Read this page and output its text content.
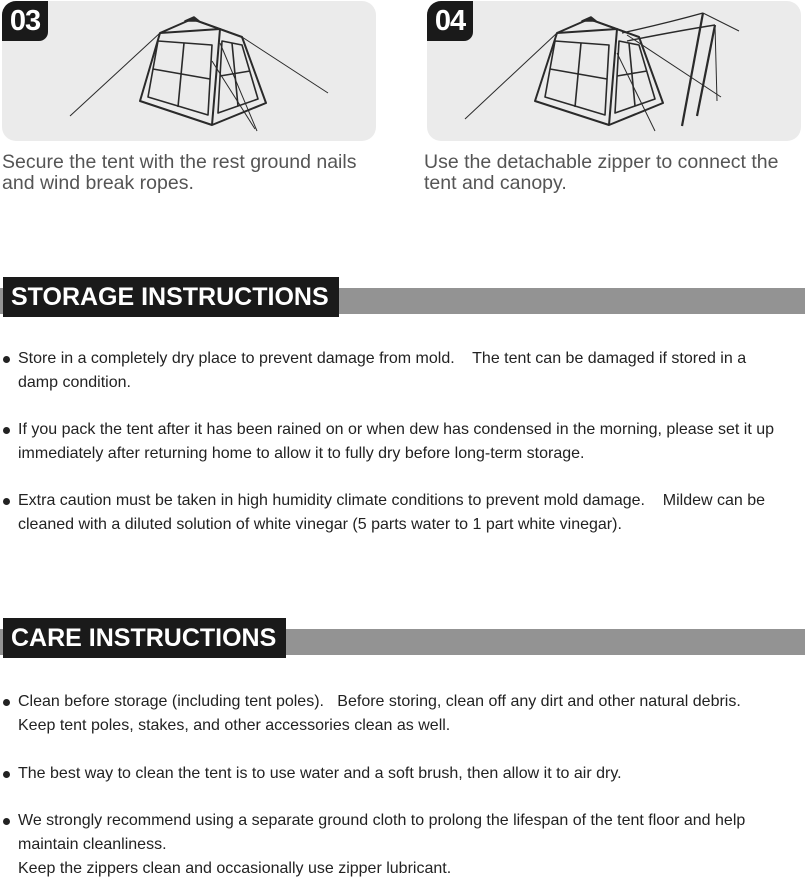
03	04
Secure the tent with the rest ground nails
and wind break ropes.
Use the detachable zipper to connect the
tent and canopy.
STORAGE INSTRUCTIONS
Store in a completely dry place to prevent damage from mold.    The tent can be damaged if stored in a
damp condition.
If you pack the tent after it has been rained on or when dew has condensed in the morning, please set it up
immediately after returning home to allow it to fully dry before long-term storage.
Extra caution must be taken in high humidity climate conditions to prevent mold damage.    Mildew can be
cleaned with a diluted solution of white vinegar (5 parts water to 1 part white vinegar).
CARE INSTRUCTIONS
Clean before storage (including tent poles).   Before storing, clean off any dirt and other natural debris.
Keep tent poles, stakes, and other accessories clean as well.
The best way to clean the tent is to use water and a soft brush, then allow it to air dry.
We strongly recommend using a separate ground cloth to prolong the lifespan of the tent floor and help
maintain cleanliness.
Keep the zippers clean and occasionally use zipper lubricant.
